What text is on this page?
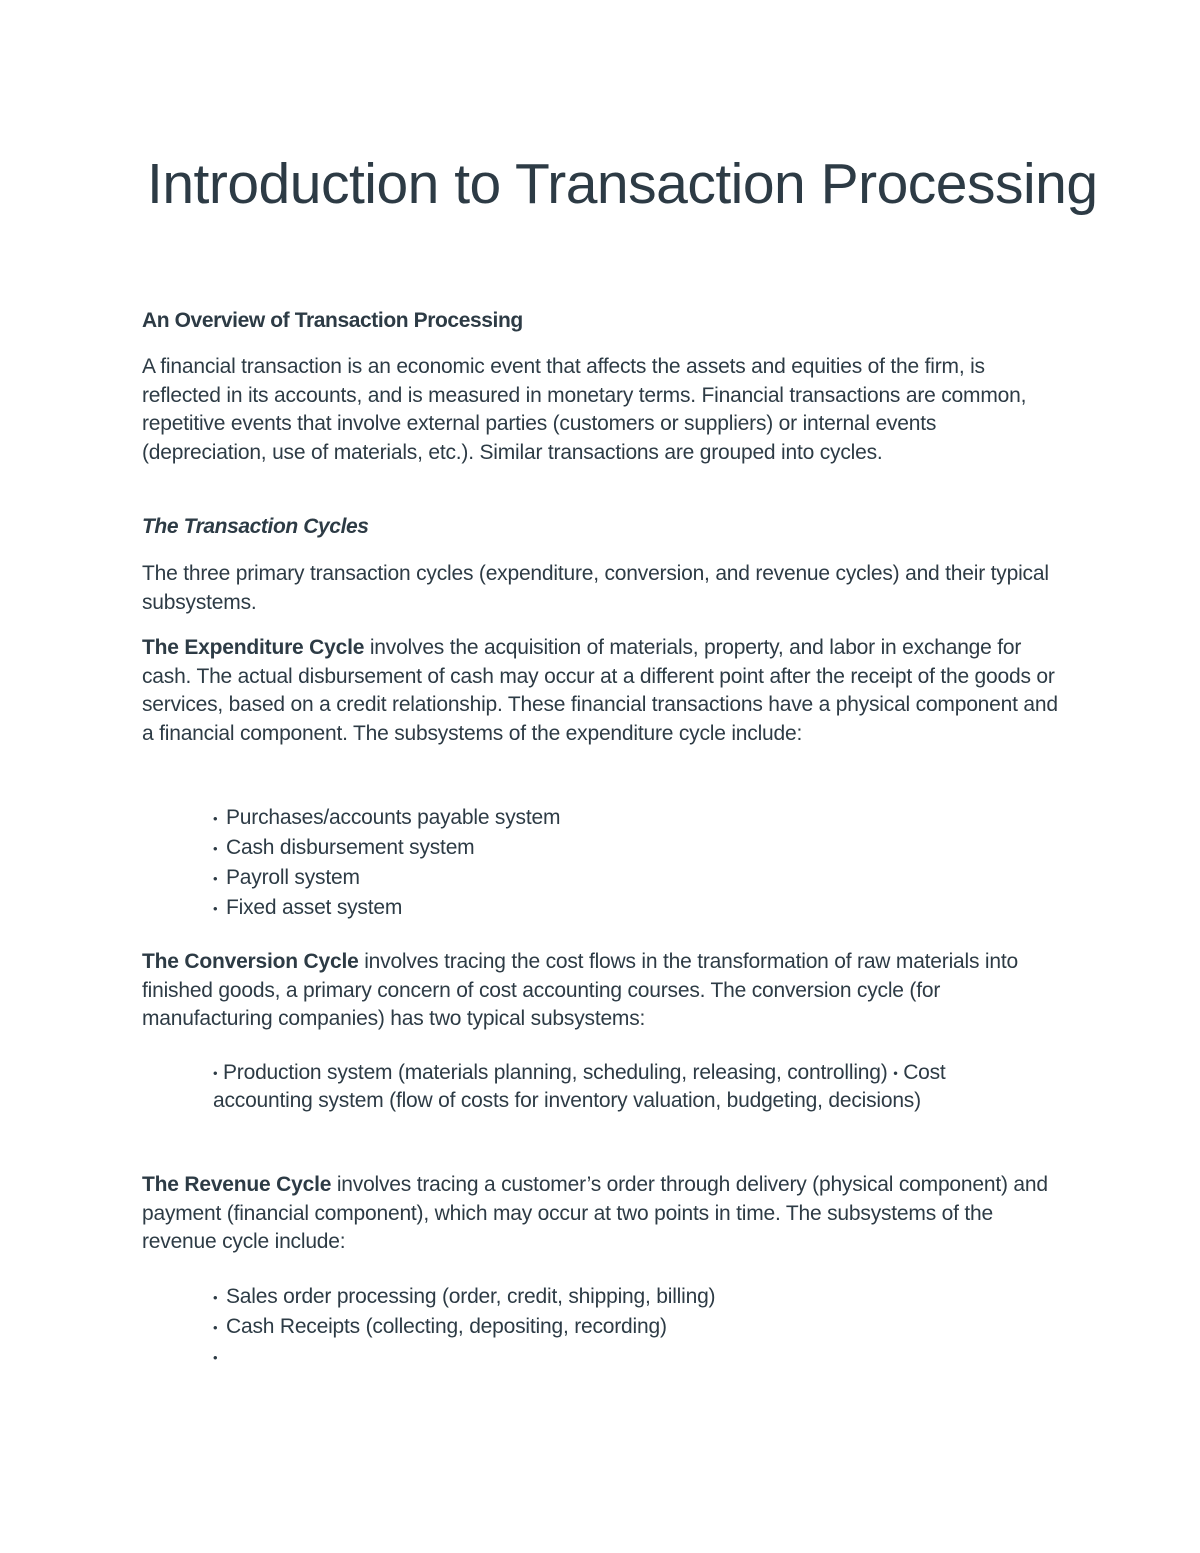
Introduction to Transaction Processing
An Overview of Transaction Processing

A financial transaction is an economic event that affects the assets and equities of the firm, is reflected in its accounts, and is measured in monetary terms. Financial transactions are common, repetitive events that involve external parties (customers or suppliers) or internal events (depreciation, use of materials, etc.). Similar transactions are grouped into cycles.

The Transaction Cycles

The three primary transaction cycles (expenditure, conversion, and revenue cycles) and their typical subsystems.

The Expenditure Cycle involves the acquisition of materials, property, and labor in exchange for cash. The actual disbursement of cash may occur at a different point after the receipt of the goods or services, based on a credit relationship. These financial transactions have a physical component and a financial component. The subsystems of the expenditure cycle include:

• Purchases/accounts payable system
• Cash disbursement system
• Payroll system
• Fixed asset system

The Conversion Cycle involves tracing the cost flows in the transformation of raw materials into finished goods, a primary concern of cost accounting courses. The conversion cycle (for manufacturing companies) has two typical subsystems:

• Production system (materials planning, scheduling, releasing, controlling) • Cost accounting system (flow of costs for inventory valuation, budgeting, decisions)

The Revenue Cycle involves tracing a customer’s order through delivery (physical component) and payment (financial component), which may occur at two points in time. The subsystems of the revenue cycle include:

• Sales order processing (order, credit, shipping, billing)
• Cash Receipts (collecting, depositing, recording)
•
